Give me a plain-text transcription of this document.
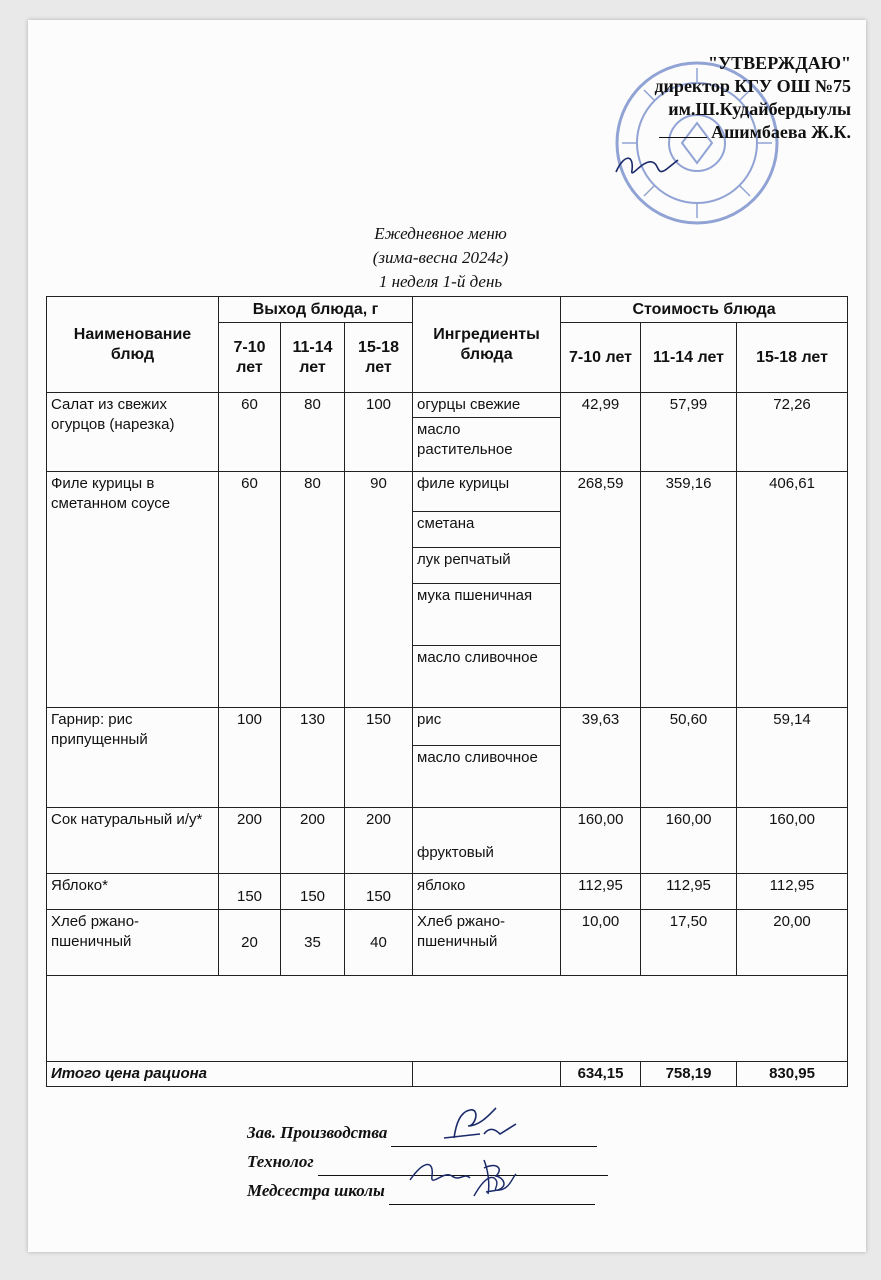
"УТВЕРЖДАЮ"
директор КГУ ОШ №75
им.Ш.Кудайбердыулы
Ашимбаева Ж.К.
Ежедневное меню
(зима-весна 2024г)
1 неделя 1-й день
Наименование блюд	Выход блюда, г			Ингредиенты блюда	Стоимость блюда		
	7-10 лет	11-14 лет	15-18 лет		7-10 лет	11-14 лет	15-18 лет
Салат из свежих огурцов (нарезка)	60	80	100	огурцы свежие	42,99	57,99	72,26
				масло растительное			
Филе курицы в сметанном соусе	60	80	90	филе курицы	268,59	359,16	406,61
				сметана			
				лук репчатый			
				мука пшеничная			
				масло сливочное			
Гарнир: рис припущенный	100	130	150	рис	39,63	50,60	59,14
				масло сливочное			
Сок натуральный и/у*	200	200	200	фруктовый	160,00	160,00	160,00
Яблоко*	150	150	150	яблоко	112,95	112,95	112,95
Хлеб ржано-пшеничный	20	35	40	Хлеб ржано-пшеничный	10,00	17,50	20,00

Итого цена рациона					634,15	758,19	830,95
Зав. Производства
Технолог
Медсестра школы
